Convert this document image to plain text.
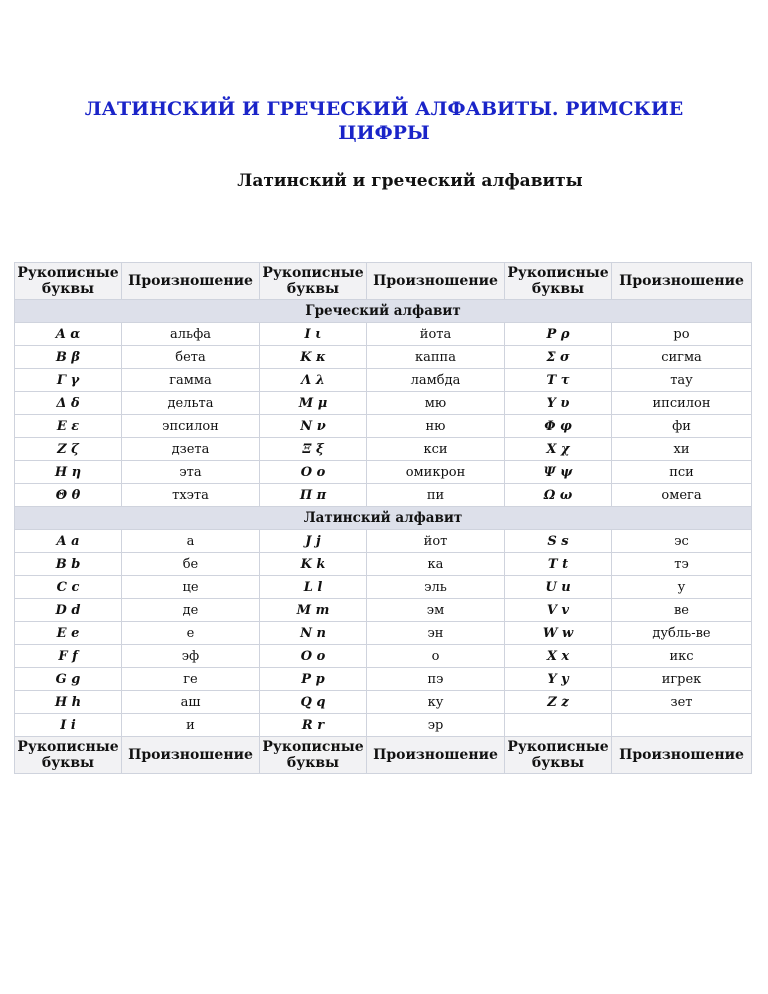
ЛАТИНСКИЙ И ГРЕЧЕСКИЙ АЛФАВИТЫ. РИМСКИЕ
ЦИФРЫ
Латинский и греческий алфавиты
Рукописные буквы	Произношение	Рукописные буквы	Произношение	Рукописные буквы	Произношение
Греческий алфавит					
Α α	альфа	Ι ι	йота	Ρ ρ	ро
Β β	бета	Κ κ	каппа	Σ σ	сигма
Γ γ	гамма	Λ λ	ламбда	Τ τ	тау
Δ δ	дельта	Μ μ	мю	Υ υ	ипсилон
Ε ε	эпсилон	Ν ν	ню	Φ φ	фи
Ζ ζ	дзета	Ξ ξ	кси	Χ χ	хи
Η η	эта	Ο ο	омикрон	Ψ ψ	пси
Θ θ	тхэта	Π π	пи	Ω ω	омега
Латинский алфавит					
A a	а	J j	йот	S s	эс
B b	бе	K k	ка	T t	тэ
C c	це	L l	эль	U u	у
D d	де	M m	эм	V v	ве
E e	е	N n	эн	W w	дубль-ве
F f	эф	O o	о	X x	икс
G g	ге	P p	пэ	Y y	игрек
H h	аш	Q q	ку	Z z	зет
I i	и	R r	эр		
Рукописные буквы	Произношение	Рукописные буквы	Произношение	Рукописные буквы	Произношение
